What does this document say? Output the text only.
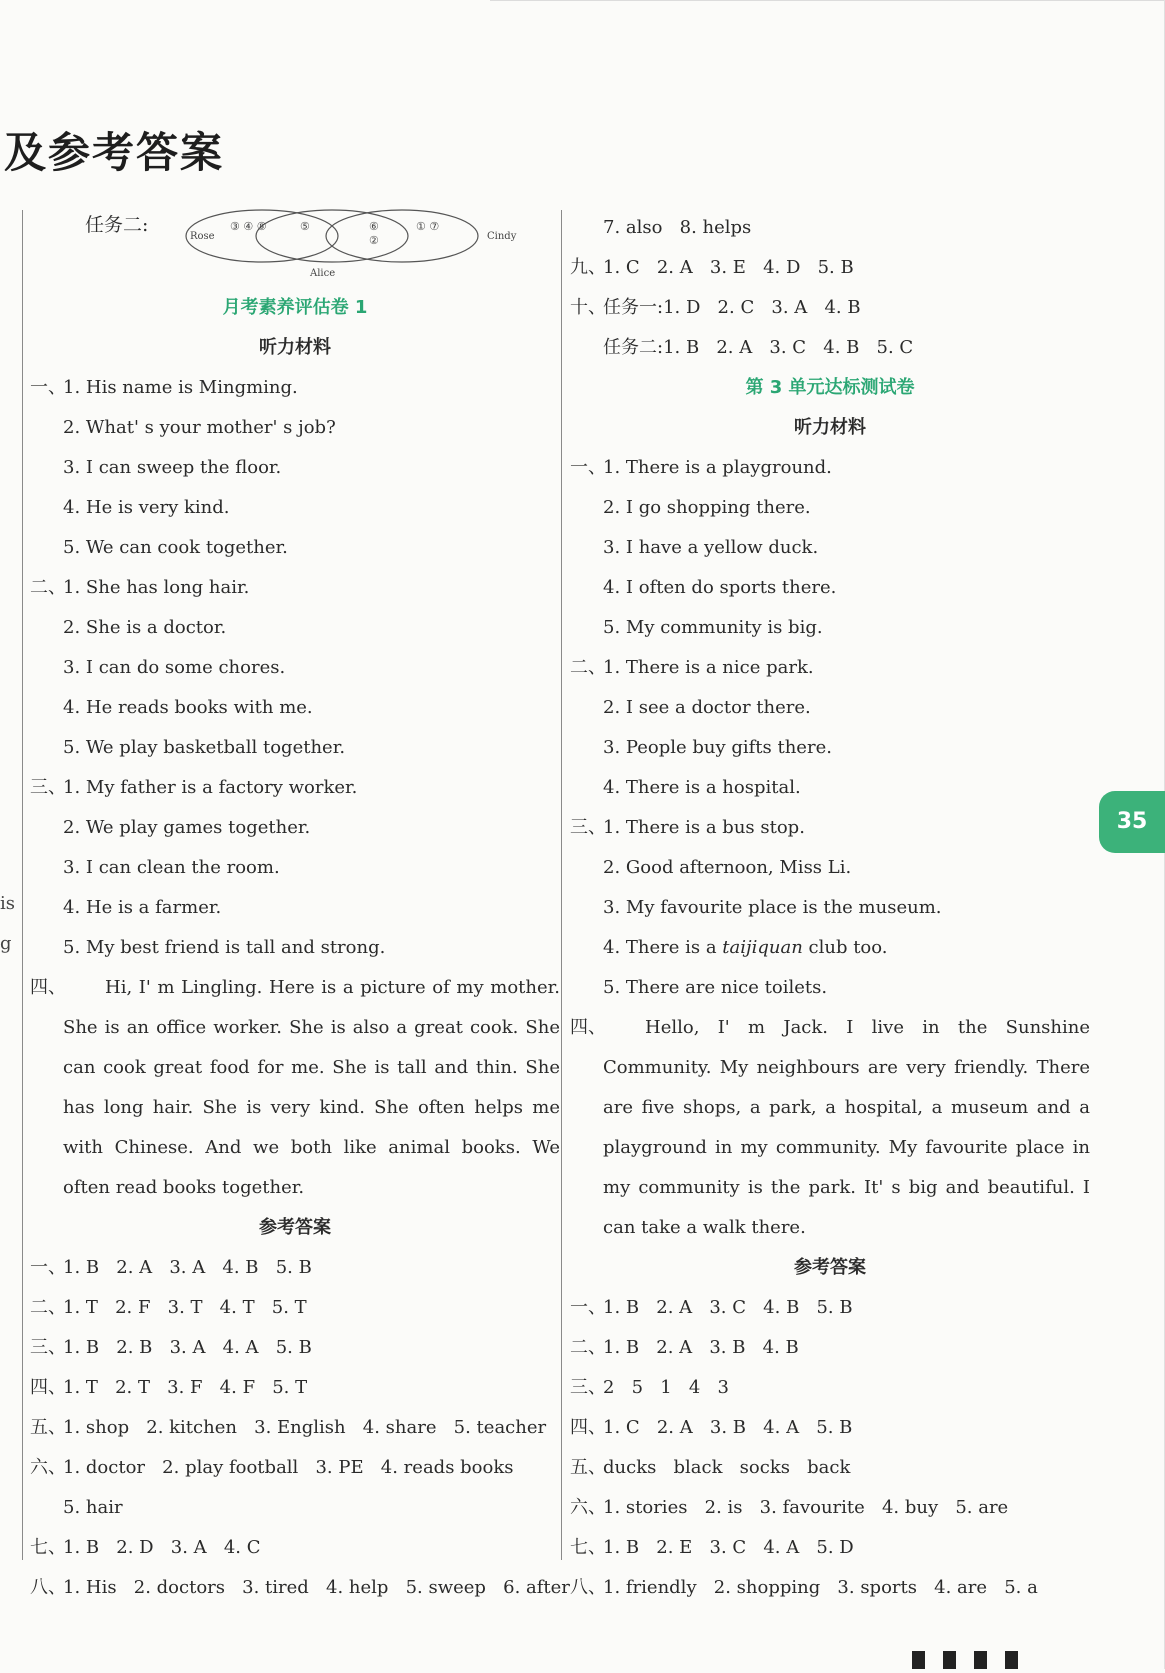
及参考答案
is
g
任务二:
Rose
Alice
Cindy
③ ④ ⑧	⑤	⑥
②
① ⑦
月考素养评估卷 1
听力材料
一、
1. His name is Mingming.
2. What' s your mother' s job?
3. I can sweep the floor.
4. He is very kind.
5. We can cook together.
二、
1. She has long hair.
2. She is a doctor.
3. I can do some chores.
4. He reads books with me.
5. We play basketball together.
三、
1. My father is a factory worker.
2. We play games together.
3. I can clean the room.
4. He is a farmer.
5. My best friend is tall and strong.
四、	Hi, I' m Lingling. Here is a picture of my mother. She is an office worker. She is also a great cook. She can cook great food for me. She is tall and thin. She has long hair. She is very kind. She often helps me with Chinese. And we both like animal books. We often read books together.
参考答案
一、
1. B   2. A   3. A   4. B   5. B
二、
1. T   2. F   3. T   4. T   5. T
三、
1. B   2. B   3. A   4. A   5. B
四、
1. T   2. T   3. F   4. F   5. T
五、
1. shop   2. kitchen   3. English   4. share   5. teacher
六、
1. doctor   2. play football   3. PE   4. reads books
5. hair
七、
1. B   2. D   3. A   4. C
八、
1. His   2. doctors   3. tired   4. help   5. sweep   6. after
7. also   8. helps
九、
1. C   2. A   3. E   4. D   5. B
十、
任务一:1. D   2. C   3. A   4. B
任务二:1. B   2. A   3. C   4. B   5. C
第 3 单元达标测试卷
听力材料
一、
1. There is a playground.
2. I go shopping there.
3. I have a yellow duck.
4. I often do sports there.
5. My community is big.
二、
1. There is a nice park.
2. I see a doctor there.
3. People buy gifts there.
4. There is a hospital.
三、
1. There is a bus stop.
2. Good afternoon, Miss Li.
3. My favourite place is the museum.
4. There is a taijiquan club too.
5. There are nice toilets.
四、	Hello, I' m Jack. I live in the Sunshine Community. My neighbours are very friendly. There are five shops, a park, a hospital, a museum and a playground in my community. My favourite place in my community is the park. It' s big and beautiful. I can take a walk there.
参考答案
一、
1. B   2. A   3. C   4. B   5. B
二、
1. B   2. A   3. B   4. B
三、
2   5   1   4   3
四、
1. C   2. A   3. B   4. A   5. B
五、
ducks   black   socks   back
六、
1. stories   2. is   3. favourite   4. buy   5. are
七、
1. B   2. E   3. C   4. A   5. D
八、
1. friendly   2. shopping   3. sports   4. are   5. a
35
